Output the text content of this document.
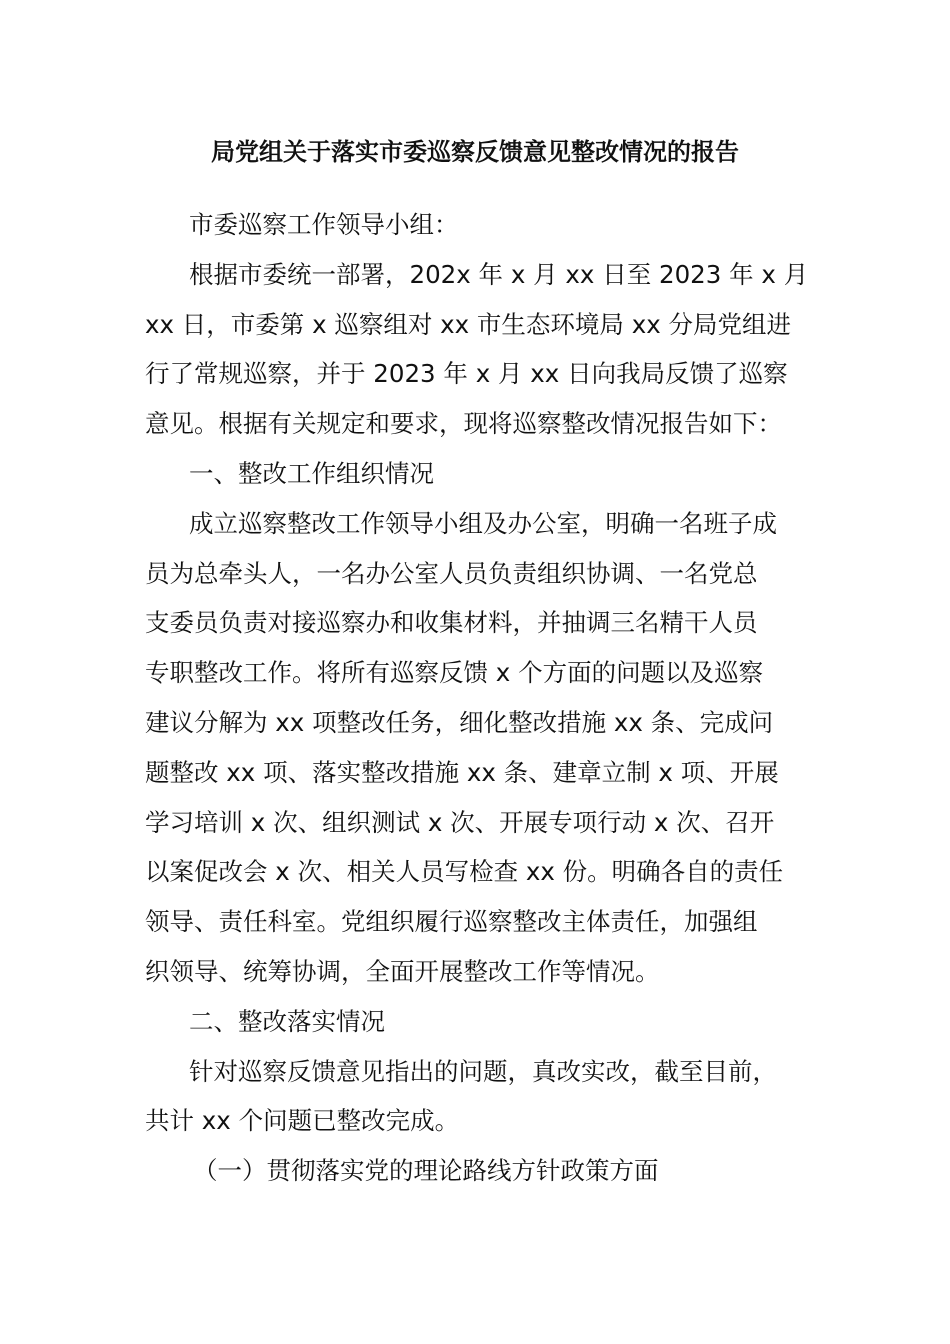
局党组关于落实市委巡察反馈意见整改情况的报告
市委巡察工作领导小组：
根据市委统一部署，202x 年 x 月 xx 日至 2023 年 x 月
xx 日，市委第 x 巡察组对 xx 市生态环境局 xx 分局党组进
行了常规巡察，并于 2023 年 x 月 xx 日向我局反馈了巡察
意见。根据有关规定和要求，现将巡察整改情况报告如下：
一、整改工作组织情况
成立巡察整改工作领导小组及办公室，明确一名班子成
员为总牵头人，一名办公室人员负责组织协调、一名党总
支委员负责对接巡察办和收集材料，并抽调三名精干人员
专职整改工作。将所有巡察反馈 x 个方面的问题以及巡察
建议分解为 xx 项整改任务，细化整改措施 xx 条、完成问
题整改 xx 项、落实整改措施 xx 条、建章立制 x 项、开展
学习培训 x 次、组织测试 x 次、开展专项行动 x 次、召开
以案促改会 x 次、相关人员写检查 xx 份。明确各自的责任
领导、责任科室。党组织履行巡察整改主体责任，加强组
织领导、统筹协调，全面开展整改工作等情况。
二、整改落实情况
针对巡察反馈意见指出的问题，真改实改，截至目前，
共计 xx 个问题已整改完成。
（一）贯彻落实党的理论路线方针政策方面
